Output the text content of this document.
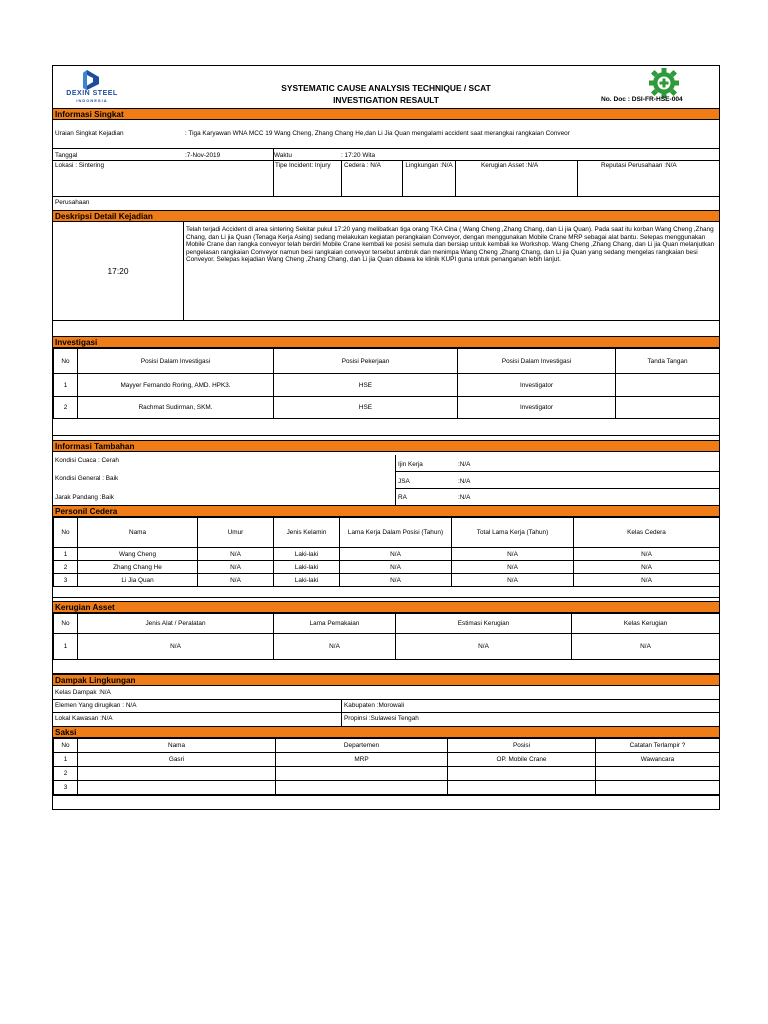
DEXIN STEEL
INDONESIA
SYSTEMATIC CAUSE ANALYSIS TECHNIQUE / SCAT
INVESTIGATION RESAULT	No. Doc : DSI-FR-HSE-004
Informasi Singkat
Uraian Singkat Kejadian	: Tiga Karyawan WNA MCC 19 Wang Cheng, Zhang Chang He,dan Li Jia Quan mengalami accident saat merangkai rangkaian Conveor
Tanggal	:7-Nov-2019	Waktu	: 17:20 Wita
Lokasi : Sintering	Tipe Incident: Injury	Cedera : N/A	Lingkungan :N/A	Kerugian Asset :N/A	Reputasi Perusahaan :N/A
Perusahaan
Deskripsi Detail Kejadian
17:20
Telah terjadi Accident di area sintering Sekitar pukul 17:20 yang melibatkan tiga orang TKA Cina ( Wang Cheng ,Zhang Chang, dan Li jia Quan). Pada saat itu korban Wang Cheng ,Zhang Chang, dan Li jia Quan (Tenaga Kerja Asing) sedang melakukan kegiatan perangkaian Conveyor, dengan menggunakan Mobile Crane MRP sebagai alat bantu. Selepas menggunakan Mobile Crane dan rangka conveyor telah berdiri Mobile Crane kembali ke posisi semula dan bersiap untuk kembali ke Workshop. Wang Cheng ,Zhang Chang, dan Li jia Quan melanjutkan pengelasan rangkaian Conveyor namun besi rangkaian conveyor tersebut ambruk dan menimpa Wang Cheng ,Zhang Chang, dan Li jia Quan yang sedang mengelas rangkaian besi Conveyor. Selepas kejadian Wang Cheng ,Zhang Chang, dan Li jia Quan dibawa ke klinik KUPI guna untuk penanganan lebih lanjut.
Investigasi
No	Posisi Dalam Investigasi	Posisi Pekerjaan	Posisi Dalam Investigasi	Tanda Tangan
1	Mayyer Fernando Roring, AMD. HPK3.	HSE	Investigator	
2	Rachmat Sudirman, SKM.	HSE	Investigator	
Informasi Tambahan
Kondisi Cuaca : Cerah
Kondisi General : Baik
Jarak Pandang :Baik
Ijin Kerja	:N/A
JSA	:N/A
RA	:N/A
Personil Cedera
No	Nama	Umur	Jenis Kelamin	Lama Kerja Dalam Posisi (Tahun)	Total Lama Kerja (Tahun)	Kelas Cedera
1	Wang Cheng	N/A	Laki-laki	N/A	N/A	N/A
2	Zhang Chang He	N/A	Laki-laki	N/A	N/A	N/A
3	Li Jia Quan	N/A	Laki-laki	N/A	N/A	N/A
Kerugian Asset
No	Jenis Alat / Peralatan	Lama Pemakaian	Estimasi Kerugian	Kelas Kerugian
1	N/A	N/A	N/A	N/A
Dampak Lingkungan
Kelas Dampak :N/A
Elemen Yang dirugikan : N/A	Kabupaten :Morowali
Lokal Kawasan :N/A	Propinsi :Sulawesi Tengah
Saksi
No	Nama	Departemen	Posisi	Catatan Terlampir ?
1	Gasri	MRP	OP. Mobile Crane	Wawancara
2				
3				
